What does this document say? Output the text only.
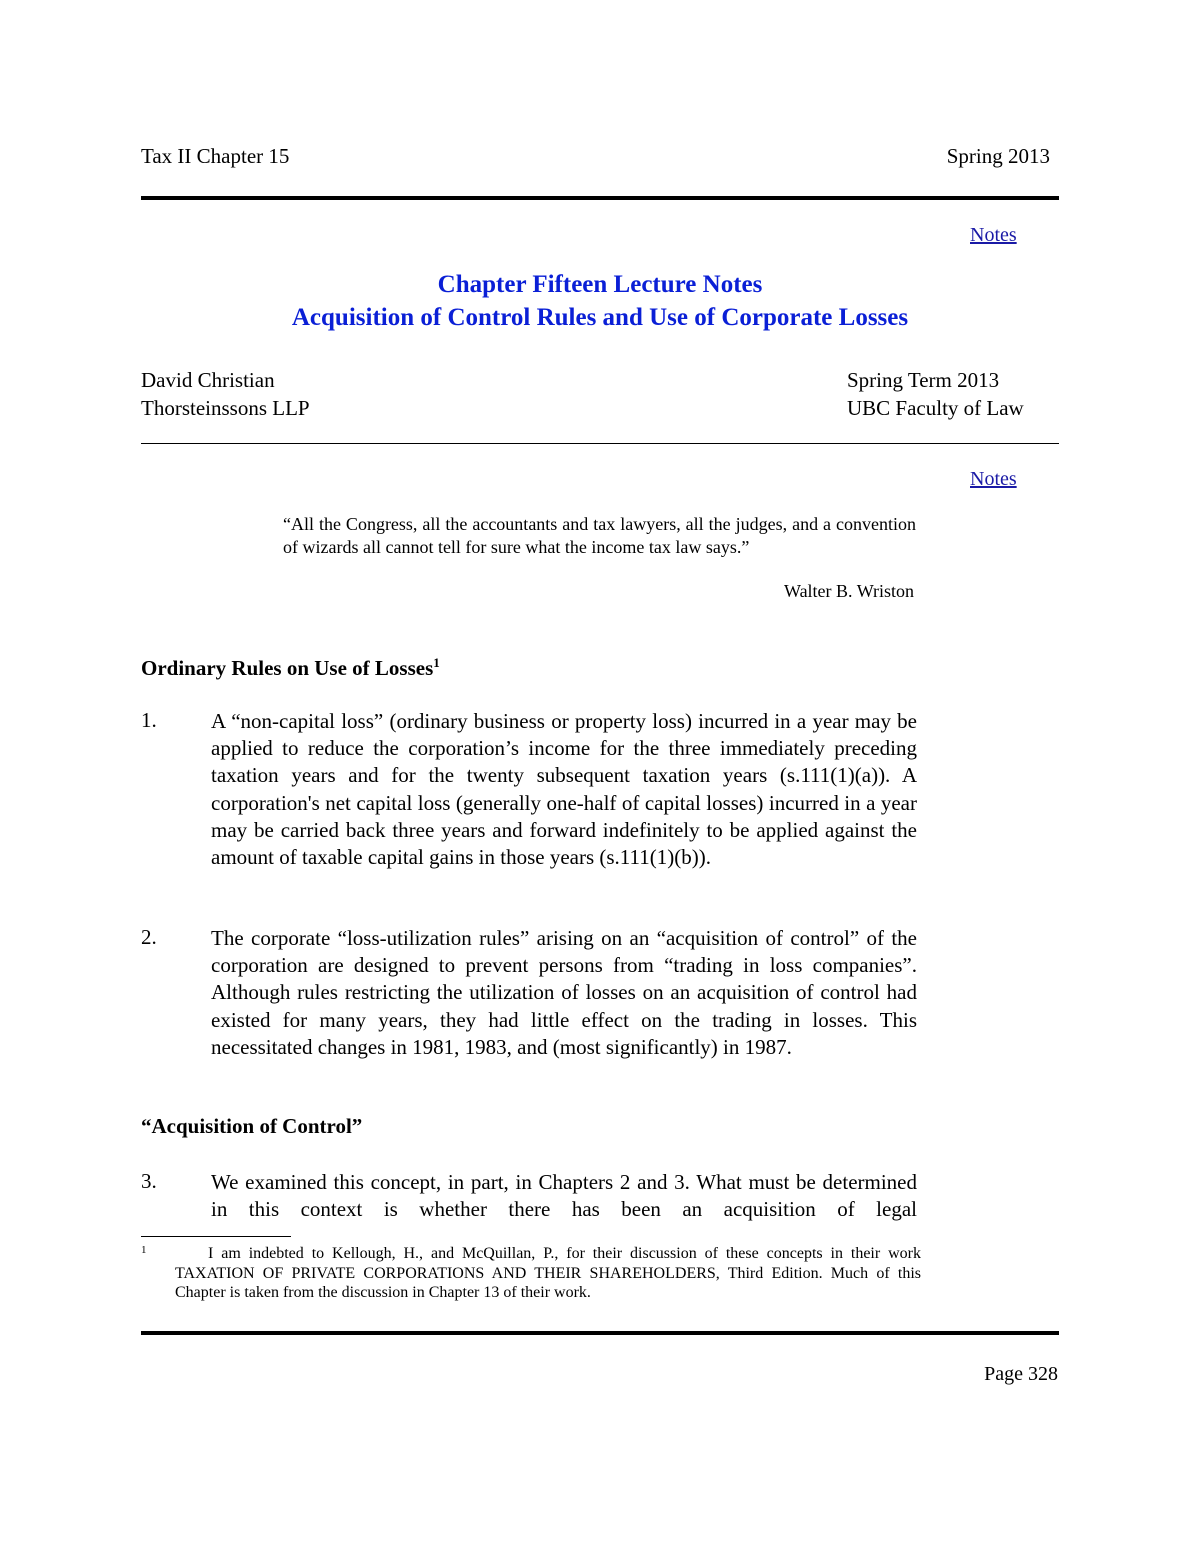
Tax II Chapter 15	Spring 2013
Notes
Chapter Fifteen Lecture Notes
Acquisition of Control Rules and Use of Corporate Losses
David Christian
Thorsteinssons LLP
Spring Term 2013
UBC Faculty of Law
Notes
“All the Congress, all the accountants and tax lawyers, all the judges, and a convention of wizards all cannot tell for sure what the income tax law says.”
Walter B. Wriston
Ordinary Rules on Use of Losses$^1$
1.	A “non-capital loss” (ordinary business or property loss) incurred in a year may be applied to reduce the corporation’s income for the three immediately preceding taxation years and for the twenty subsequent taxation years (s.111(1)(a)). A corporation's net capital loss (generally one-half of capital losses) incurred in a year may be carried back three years and forward indefinitely to be applied against the amount of taxable capital gains in those years (s.111(1)(b)).
2.	The corporate “loss-utilization rules” arising on an “acquisition of control” of the corporation are designed to prevent persons from “trading in loss companies”. Although rules restricting the utilization of losses on an acquisition of control had existed for many years, they had little effect on the trading in losses. This necessitated changes in 1981, 1983, and (most significantly) in 1987.
“Acquisition of Control”
3.	We examined this concept, in part, in Chapters 2 and 3. What must be determined in this context is whether there has been an acquisition of legal
1	I am indebted to Kellough, H., and McQuillan, P., for their discussion of these concepts in their work TAXATION OF PRIVATE CORPORATIONS AND THEIR SHAREHOLDERS, Third Edition. Much of this Chapter is taken from the discussion in Chapter 13 of their work.
Page 328
